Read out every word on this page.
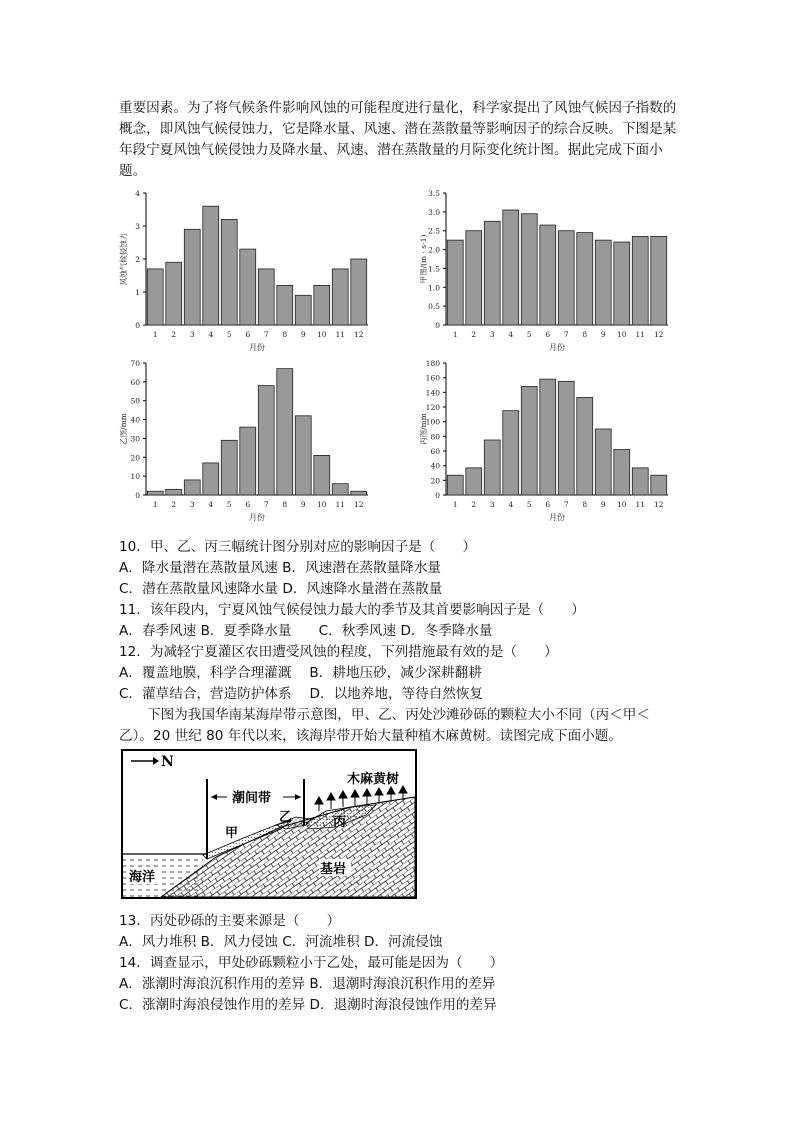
重要因素。为了将气候条件影响风蚀的可能程度进行量化，科学家提出了风蚀气候因子指数的概念，即风蚀气候侵蚀力，它是降水量、风速、潜在蒸散量等影响因子的综合反映。下图是某年段宁夏风蚀气候侵蚀力及降水量、风速、潜在蒸散量的月际变化统计图。据此完成下面小题。

0
1
2
3
4
1 2 3 4 5 6 7 8 9 10 11 12
月份
风蚀气候侵蚀力
0
0.5
1.0
1.5
2.0
2.5
3.0
3.5
1 2 3 4 5 6 7 8 9 10 11 12
月份
甲图/(m · s-1)
0
10
20
30
40
50
60
70
1 2 3 4 5 6 7 8 9 10 11 12
月份
乙图/mm
0
20
40
60
80
100
120
140
160
180
1 2 3 4 5 6 7 8 9 10 11 12
月份
丙图/mm

10．甲、乙、丙三幅统计图分别对应的影响因子是（　　）

A．降水量潜在蒸散量风速 B．风速潜在蒸散量降水量

C．潜在蒸散量风速降水量 D．风速降水量潜在蒸散量

11．该年段内，宁夏风蚀气候侵蚀力最大的季节及其首要影响因子是（　　）

A．春季风速 B．夏季降水量　　C．秋季风速 D．冬季降水量

12．为减轻宁夏灌区农田遭受风蚀的程度，下列措施最有效的是（　　）

A．覆盖地膜，科学合理灌溉　 B．耕地压砂，减少深耕翻耕

C．灌草结合，营造防护体系　 D．以地养地，等待自然恢复

下图为我国华南某海岸带示意图，甲、乙、丙处沙滩砂砾的颗粒大小不同（丙＜甲＜

乙）。20 世纪 80 年代以来，该海岸带开始大量种植木麻黄树。读图完成下面小题。

N
潮间带
木麻黄树
甲
乙	丙
海洋
基岩

13．丙处砂砾的主要来源是（　　）

A．风力堆积 B．风力侵蚀 C．河流堆积 D．河流侵蚀

14．调查显示，甲处砂砾颗粒小于乙处，最可能是因为（　　）

A．涨潮时海浪沉积作用的差异 B．退潮时海浪沉积作用的差异

C．涨潮时海浪侵蚀作用的差异 D．退潮时海浪侵蚀作用的差异
